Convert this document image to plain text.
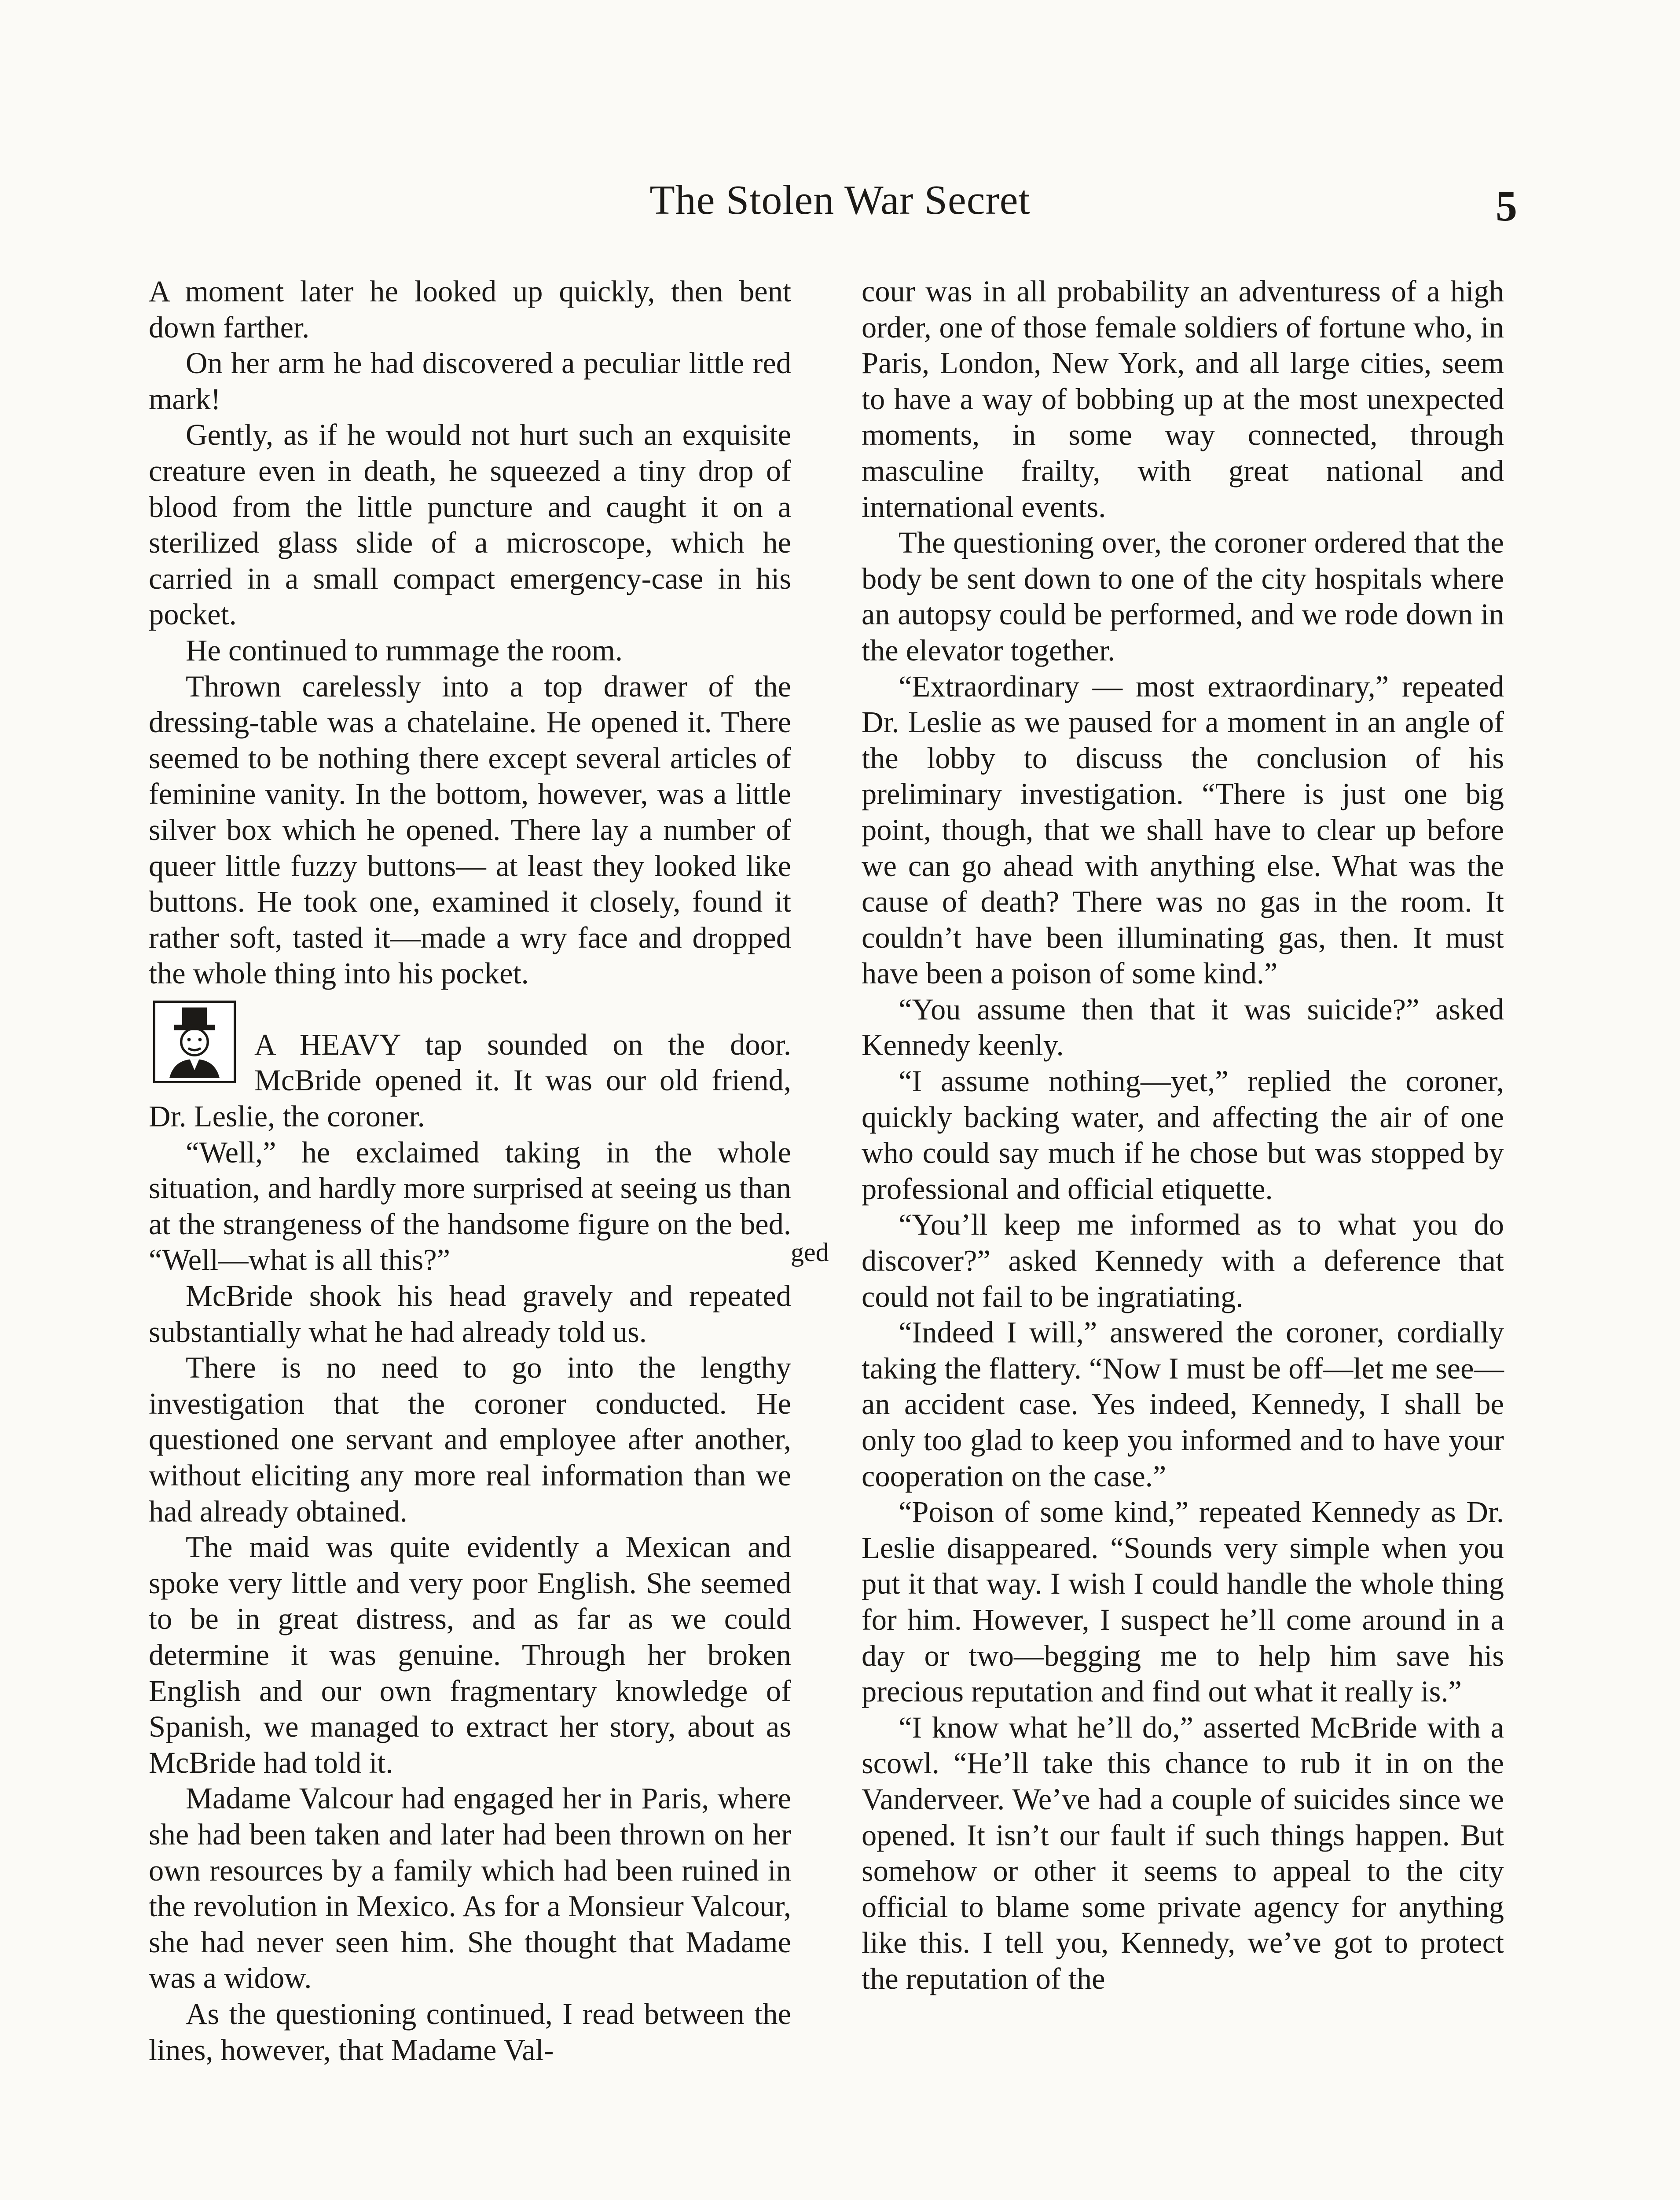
The Stolen War Secret	5

A moment later he looked up quickly, then bent down farther.

On her arm he had discovered a peculiar little red mark!

Gently, as if he would not hurt such an exquisite creature even in death, he squeezed a tiny drop of blood from the little puncture and caught it on a sterilized glass slide of a microscope, which he carried in a small compact emergency-case in his pocket.

He continued to rummage the room.

Thrown carelessly into a top drawer of the dressing-table was a chatelaine. He opened it. There seemed to be nothing there except several articles of feminine vanity. In the bottom, however, was a little silver box which he opened. There lay a number of queer little fuzzy buttons— at least they looked like buttons. He took one, examined it closely, found it rather soft, tasted it—made a wry face and dropped the whole thing into his pocket.

A HEAVY tap sounded on the door. McBride opened it. It was our old friend, Dr. Leslie, the coroner.

“Well,” he exclaimed taking in the whole situation, and hardly more surprised at seeing us than at the strangeness of the handsome figure on the bed. “Well—what is all this?”

McBride shook his head gravely and repeated substantially what he had already told us.

There is no need to go into the lengthy investigation that the coroner conducted. He questioned one servant and employee after another, without eliciting any more real information than we had already obtained.

The maid was quite evidently a Mexican and spoke very little and very poor English. She seemed to be in great distress, and as far as we could determine it was genuine. Through her broken English and our own fragmentary knowledge of Spanish, we managed to extract her story, about as McBride had told it.

Madame Valcour had engaged her in Paris, where she had been taken and later had been thrown on her own resources by a family which had been ruined in the revolution in Mexico. As for a Monsieur Valcour, she had never seen him. She thought that Madame was a widow.

As the questioning continued, I read between the lines, however, that Madame Val-

ged

cour was in all probability an adventuress of a high order, one of those female soldiers of fortune who, in Paris, London, New York, and all large cities, seem to have a way of bobbing up at the most unexpected moments, in some way connected, through masculine frailty, with great national and international events.

The questioning over, the coroner ordered that the body be sent down to one of the city hospitals where an autopsy could be performed, and we rode down in the elevator together.

“Extraordinary — most extraordinary,” repeated Dr. Leslie as we paused for a moment in an angle of the lobby to discuss the conclusion of his preliminary investigation. “There is just one big point, though, that we shall have to clear up before we can go ahead with anything else. What was the cause of death? There was no gas in the room. It couldn’t have been illuminating gas, then. It must have been a poison of some kind.”

“You assume then that it was suicide?” asked Kennedy keenly.

“I assume nothing—yet,” replied the coroner, quickly backing water, and affecting the air of one who could say much if he chose but was stopped by professional and official etiquette.

“You’ll keep me informed as to what you do discover?” asked Kennedy with a deference that could not fail to be ingratiating.

“Indeed I will,” answered the coroner, cordially taking the flattery. “Now I must be off—let me see—an accident case. Yes indeed, Kennedy, I shall be only too glad to keep you informed and to have your cooperation on the case.”

“Poison of some kind,” repeated Kennedy as Dr. Leslie disappeared. “Sounds very simple when you put it that way. I wish I could handle the whole thing for him. However, I suspect he’ll come around in a day or two—begging me to help him save his precious reputation and find out what it really is.”

“I know what he’ll do,” asserted McBride with a scowl. “He’ll take this chance to rub it in on the Vanderveer. We’ve had a couple of suicides since we opened. It isn’t our fault if such things happen. But somehow or other it seems to appeal to the city official to blame some private agency for anything like this. I tell you, Kennedy, we’ve got to protect the reputation of the
